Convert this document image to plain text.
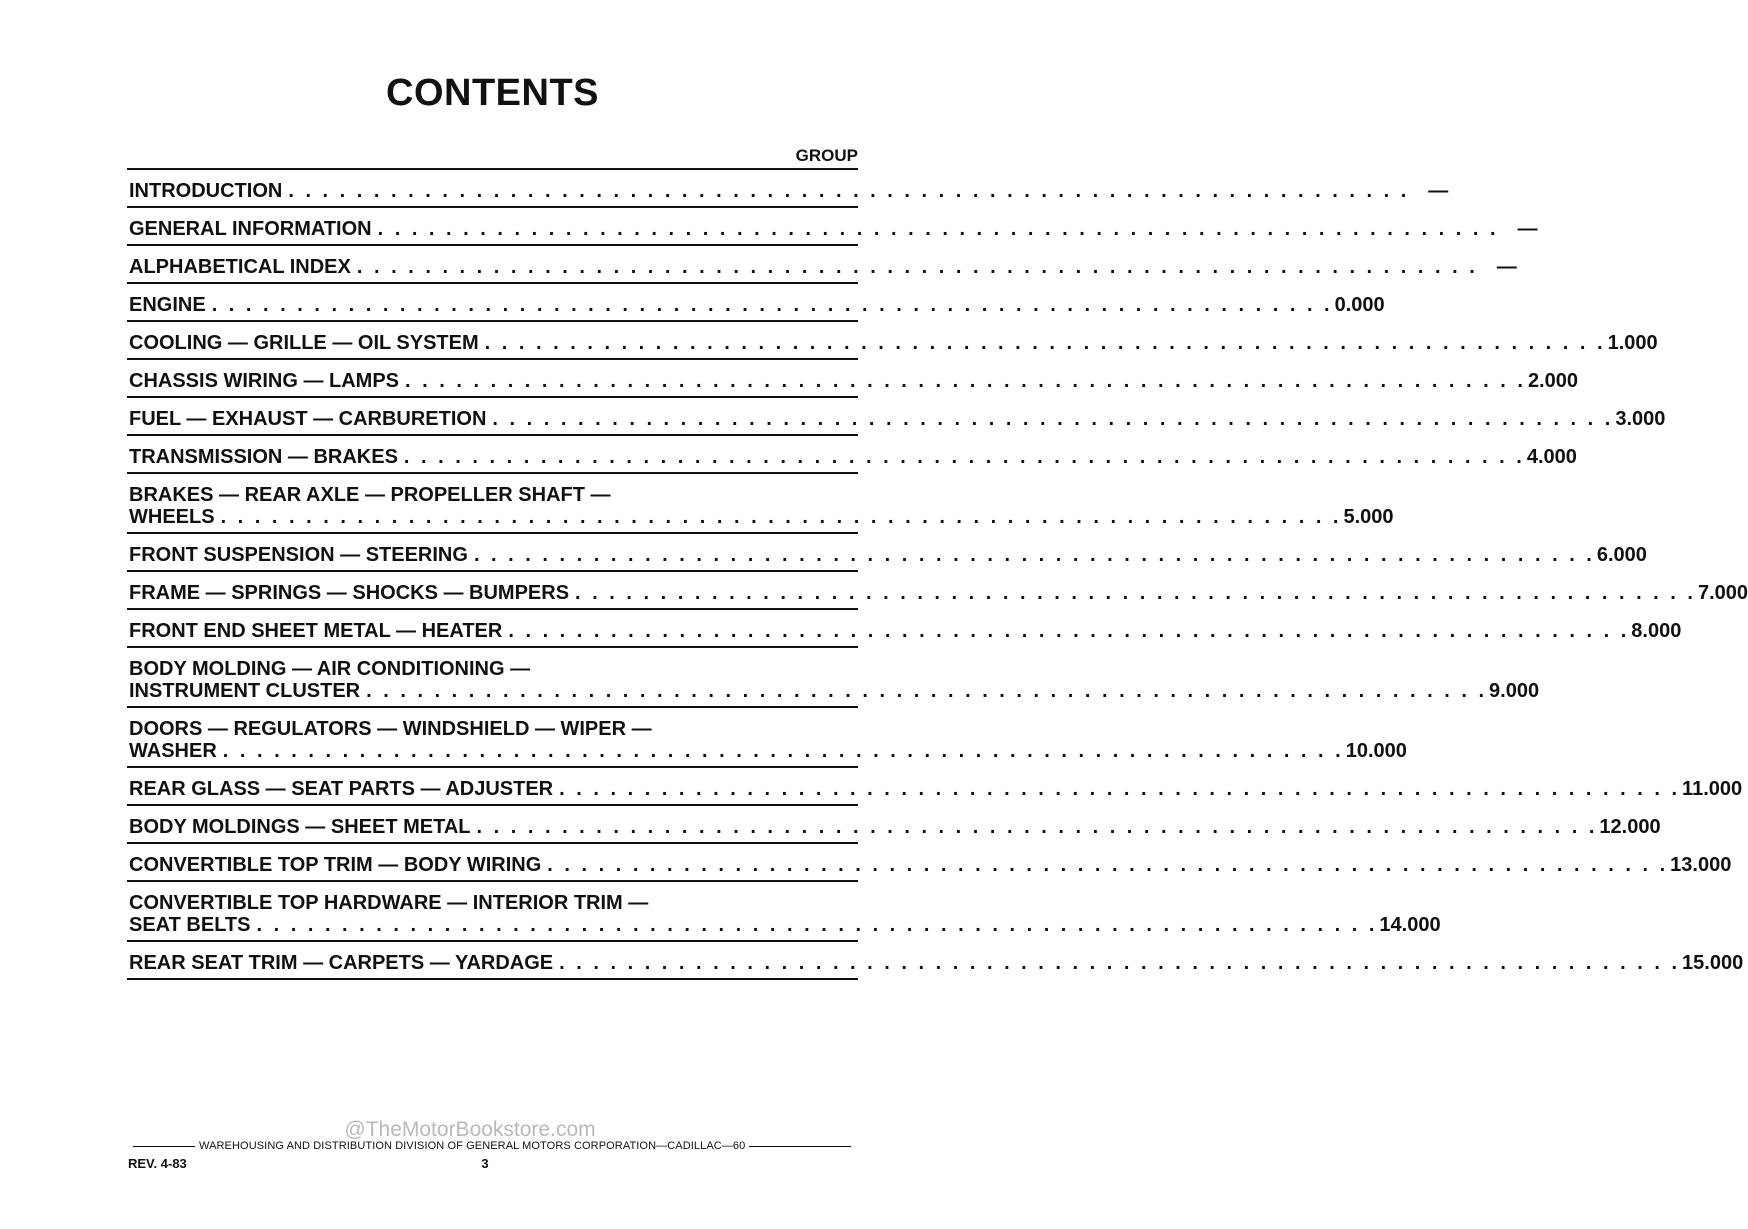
CONTENTS
GROUP
INTRODUCTION . . . . . . . . . . . . . . . . . . . . . . . . . . . . . . . . . . . . . . . . . . . . . . . . . . . . . . . . . . . . . . . . . . —
GENERAL INFORMATION . . . . . . . . . . . . . . . . . . . . . . . . . . . . . . . . . . . . . . . . . . . . . . . . . . . . . . . . . . . . . . . . . . —
ALPHABETICAL INDEX . . . . . . . . . . . . . . . . . . . . . . . . . . . . . . . . . . . . . . . . . . . . . . . . . . . . . . . . . . . . . . . . . . —
ENGINE . . . . . . . . . . . . . . . . . . . . . . . . . . . . . . . . . . . . . . . . . . . . . . . . . . . . . . . . . . . . . . . . . . 0.000
COOLING — GRILLE — OIL SYSTEM . . . . . . . . . . . . . . . . . . . . . . . . . . . . . . . . . . . . . . . . . . . . . . . . . . . . . . . . . . . . . . . . . . 1.000
CHASSIS WIRING — LAMPS . . . . . . . . . . . . . . . . . . . . . . . . . . . . . . . . . . . . . . . . . . . . . . . . . . . . . . . . . . . . . . . . . . 2.000
FUEL — EXHAUST — CARBURETION . . . . . . . . . . . . . . . . . . . . . . . . . . . . . . . . . . . . . . . . . . . . . . . . . . . . . . . . . . . . . . . . . . 3.000
TRANSMISSION — BRAKES . . . . . . . . . . . . . . . . . . . . . . . . . . . . . . . . . . . . . . . . . . . . . . . . . . . . . . . . . . . . . . . . . . 4.000
BRAKES — REAR AXLE — PROPELLER SHAFT —
WHEELS . . . . . . . . . . . . . . . . . . . . . . . . . . . . . . . . . . . . . . . . . . . . . . . . . . . . . . . . . . . . . . . . . . 5.000
FRONT SUSPENSION — STEERING . . . . . . . . . . . . . . . . . . . . . . . . . . . . . . . . . . . . . . . . . . . . . . . . . . . . . . . . . . . . . . . . . . 6.000
FRAME — SPRINGS — SHOCKS — BUMPERS . . . . . . . . . . . . . . . . . . . . . . . . . . . . . . . . . . . . . . . . . . . . . . . . . . . . . . . . . . . . . . . . . . 7.000
FRONT END SHEET METAL — HEATER . . . . . . . . . . . . . . . . . . . . . . . . . . . . . . . . . . . . . . . . . . . . . . . . . . . . . . . . . . . . . . . . . . 8.000
BODY MOLDING — AIR CONDITIONING —
INSTRUMENT CLUSTER . . . . . . . . . . . . . . . . . . . . . . . . . . . . . . . . . . . . . . . . . . . . . . . . . . . . . . . . . . . . . . . . . . 9.000
DOORS — REGULATORS — WINDSHIELD — WIPER —
WASHER . . . . . . . . . . . . . . . . . . . . . . . . . . . . . . . . . . . . . . . . . . . . . . . . . . . . . . . . . . . . . . . . . . 10.000
REAR GLASS — SEAT PARTS — ADJUSTER . . . . . . . . . . . . . . . . . . . . . . . . . . . . . . . . . . . . . . . . . . . . . . . . . . . . . . . . . . . . . . . . . . 11.000
BODY MOLDINGS — SHEET METAL . . . . . . . . . . . . . . . . . . . . . . . . . . . . . . . . . . . . . . . . . . . . . . . . . . . . . . . . . . . . . . . . . . 12.000
CONVERTIBLE TOP TRIM — BODY WIRING . . . . . . . . . . . . . . . . . . . . . . . . . . . . . . . . . . . . . . . . . . . . . . . . . . . . . . . . . . . . . . . . . . 13.000
CONVERTIBLE TOP HARDWARE — INTERIOR TRIM —
SEAT BELTS . . . . . . . . . . . . . . . . . . . . . . . . . . . . . . . . . . . . . . . . . . . . . . . . . . . . . . . . . . . . . . . . . . 14.000
REAR SEAT TRIM — CARPETS — YARDAGE . . . . . . . . . . . . . . . . . . . . . . . . . . . . . . . . . . . . . . . . . . . . . . . . . . . . . . . . . . . . . . . . . . 15.000
@TheMotorBookstore.com
WAREHOUSING AND DISTRIBUTION DIVISION OF GENERAL MOTORS CORPORATION—CADILLAC—60
REV. 4-83	3
